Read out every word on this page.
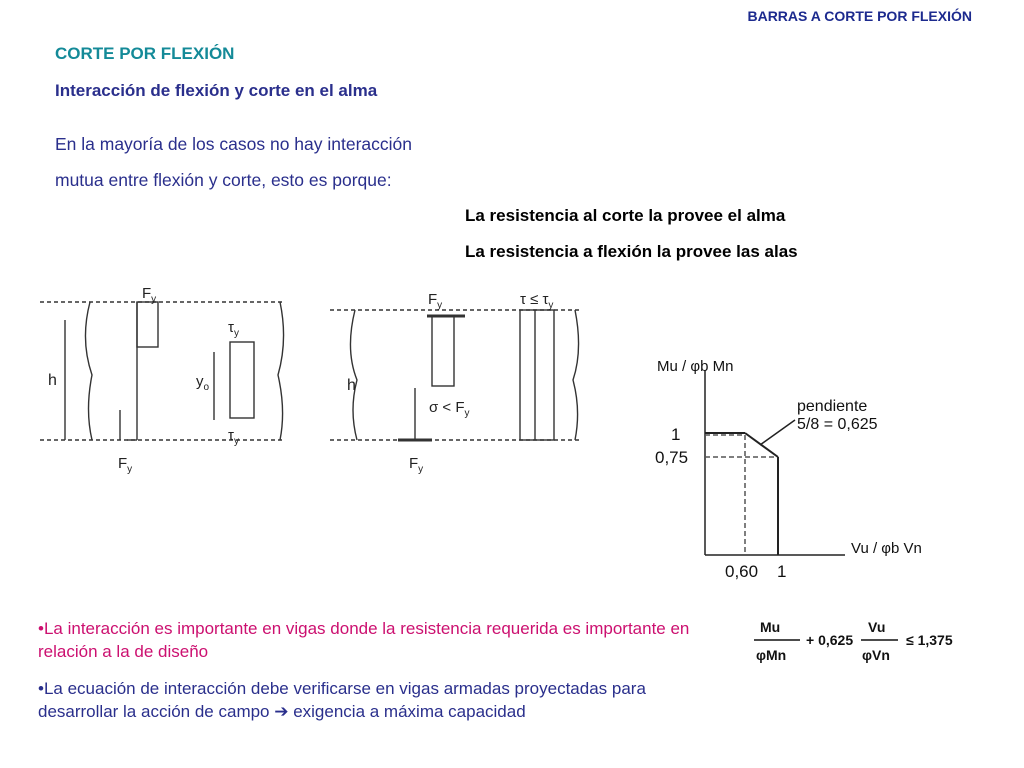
BARRAS A CORTE POR FLEXIÓN
CORTE POR FLEXIÓN
Interacción de flexión y corte en el alma
En la mayoría de los casos no hay interacción
mutua entre flexión y corte, esto es porque:
La resistencia al corte la provee el alma
La resistencia a flexión la provee las alas
$F_y$
$\tau_y$
h	$y_o$
$\tau_y$
$F_y$
h
$\tau \le \tau_y$
$F_y$
$\sigma < F_y$
$F_y$
Mu / φb Mn
Vu / φb Vn
1
0,75
0,60 1
pendiente
5/8 = 0,625
•La interacción es importante en vigas donde la resistencia requerida es importante en relación a la de diseño
•La ecuación de interacción debe verificarse en vigas armadas proyectadas para desarrollar la acción de campo ➔ exigencia a máxima capacidad
Mu
φMn
+ 0,625
Vu
φVn
≤ 1,375
